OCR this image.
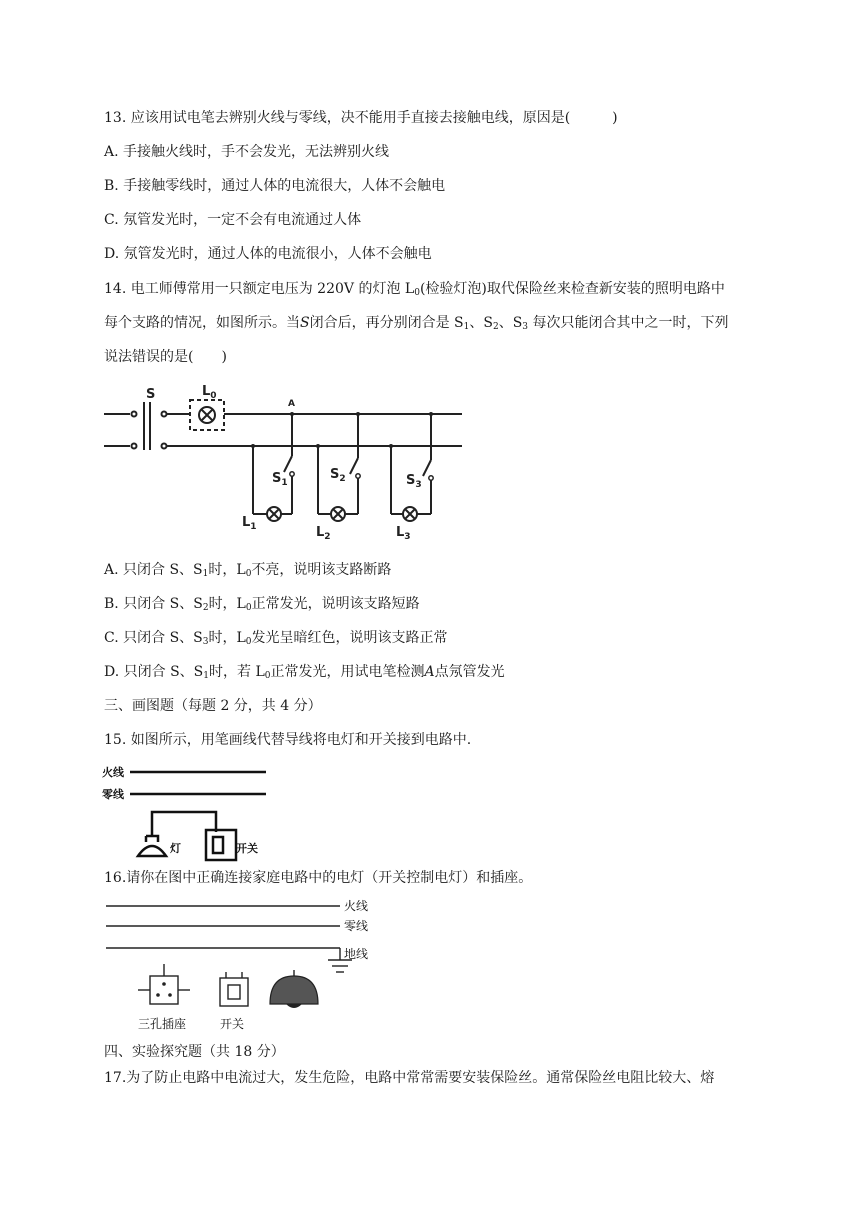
13. 应该用试电笔去辨别火线与零线，决不能用手直接去接触电线，原因是(　　　)
A. 手接触火线时，手不会发光，无法辨别火线
B. 手接触零线时，通过人体的电流很大，人体不会触电
C. 氖管发光时，一定不会有电流通过人体
D. 氖管发光时，通过人体的电流很小，人体不会触电
14. 电工师傅常用一只额定电压为 220V 的灯泡 $L_0$(检验灯泡)取代保险丝来检查新安装的照明电路中
每个支路的情况，如图所示。当S闭合后，再分别闭合是 $S_1$、$S_2$、$S_3$ 每次只能闭合其中之一时，下列
说法错误的是(　　)
S	$L_0$
A
$S_1$
$S_2$	$S_3$
$L_1$	$L_2$	$L_3$
A. 只闭合 S、$S_1$时，$L_0$不亮，说明该支路断路
B. 只闭合 S、$S_2$时，$L_0$正常发光，说明该支路短路
C. 只闭合 S、$S_3$时，$L_0$发光呈暗红色，说明该支路正常
D. 只闭合 S、$S_1$时，若 $L_0$正常发光，用试电笔检测A点氖管发光
三、画图题（每题 2 分，共 4 分）
15. 如图所示，用笔画线代替导线将电灯和开关接到电路中.
火线
零线
灯	开关
16.请你在图中正确连接家庭电路中的电灯（开关控制电灯）和插座。
火线
零线
地线
三孔插座	开关
四、实验探究题（共 18 分）
17.为了防止电路中电流过大，发生危险，电路中常常需要安装保险丝。通常保险丝电阻比较大、熔
